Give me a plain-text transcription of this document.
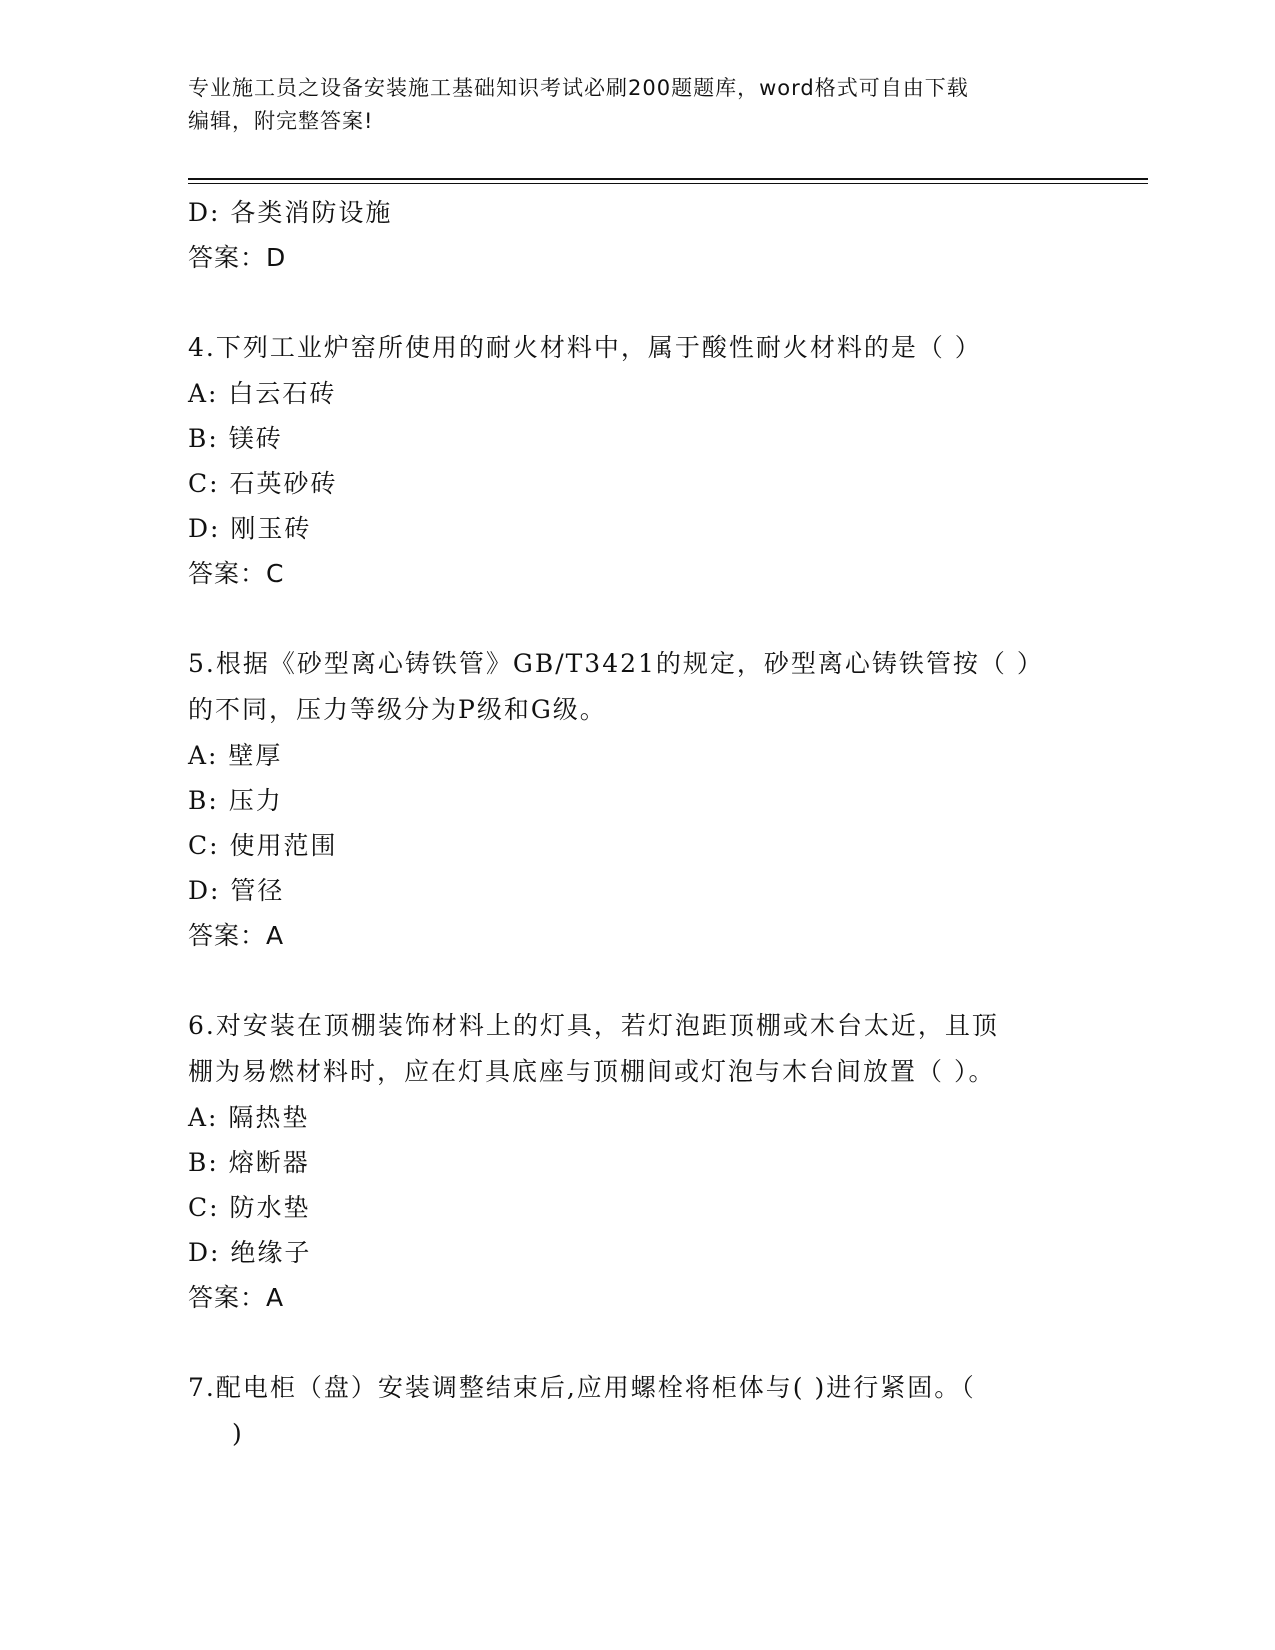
专业施工员之设备安装施工基础知识考试必刷200题题库，word格式可自由下载
编辑，附完整答案!
D: 各类消防设施
答案：D
4.下列工业炉窑所使用的耐火材料中，属于酸性耐火材料的是（ ）
A: 白云石砖
B: 镁砖
C: 石英砂砖
D: 刚玉砖
答案：C
5.根据《砂型离心铸铁管》GB/T3421的规定，砂型离心铸铁管按（ ）
的不同，压力等级分为P级和G级。
A: 壁厚
B: 压力
C: 使用范围
D: 管径
答案：A
6.对安装在顶棚装饰材料上的灯具，若灯泡距顶棚或木台太近，且顶
棚为易燃材料时，应在灯具底座与顶棚间或灯泡与木台间放置（ ）。
A: 隔热垫
B: 熔断器
C: 防水垫
D: 绝缘子
答案：A
7.配电柜（盘）安装调整结束后,应用螺栓将柜体与( )进行紧固。（
)
